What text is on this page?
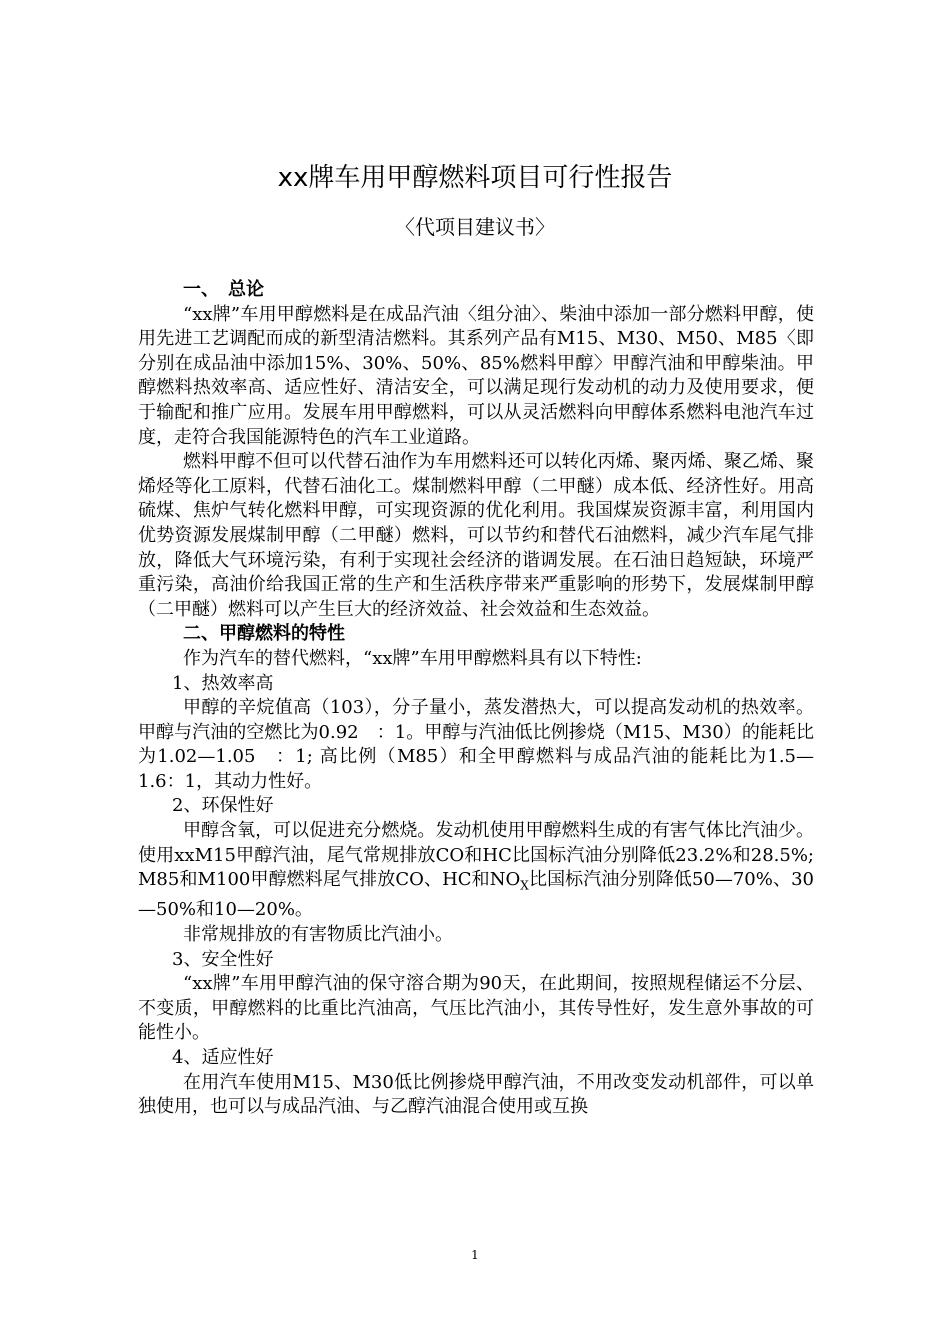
xx牌车用甲醇燃料项目可行性报告
〈代项目建议书〉

一、　总论

“xx牌”车用甲醇燃料是在成品汽油〈组分油〉、柴油中添加一部分燃料甲醇，使用先进工艺调配而成的新型清洁燃料。其系列产品有M15、M30、M50、M85〈即分别在成品油中添加15%、30%、50%、85%燃料甲醇〉甲醇汽油和甲醇柴油。甲醇燃料热效率高、适应性好、清洁安全，可以满足现行发动机的动力及使用要求，便于输配和推广应用。发展车用甲醇燃料，可以从灵活燃料向甲醇体系燃料电池汽车过度，走符合我国能源特色的汽车工业道路。

燃料甲醇不但可以代替石油作为车用燃料还可以转化丙烯、聚丙烯、聚乙烯、聚烯烃等化工原料，代替石油化工。煤制燃料甲醇（二甲醚）成本低、经济性好。用高硫煤、焦炉气转化燃料甲醇，可实现资源的优化利用。我国煤炭资源丰富，利用国内优势资源发展煤制甲醇（二甲醚）燃料，可以节约和替代石油燃料，减少汽车尾气排放，降低大气环境污染，有利于实现社会经济的谐调发展。在石油日趋短缺，环境严重污染，高油价给我国正常的生产和生活秩序带来严重影响的形势下，发展煤制甲醇（二甲醚）燃料可以产生巨大的经济效益、社会效益和生态效益。

二、甲醇燃料的特性

作为汽车的替代燃料，“xx牌”车用甲醇燃料具有以下特性:

1、热效率高

甲醇的辛烷值高（103），分子量小，蒸发潜热大，可以提高发动机的热效率。甲醇与汽油的空燃比为0.92　：1。甲醇与汽油低比例掺烧（M15、M30）的能耗比为1.02—1.05　：1; 高比例（M85）和全甲醇燃料与成品汽油的能耗比为1.5—1.6：1，其动力性好。

2、环保性好

甲醇含氧，可以促进充分燃烧。发动机使用甲醇燃料生成的有害气体比汽油少。使用xxM15甲醇汽油，尾气常规排放CO和HC比国标汽油分别降低23.2%和28.5%;　M85和M100甲醇燃料尾气排放CO、HC和$NO_X$比国标汽油分别降低50—70%、30—50%和10—20%。

非常规排放的有害物质比汽油小。

3、安全性好

“xx牌”车用甲醇汽油的保守溶合期为90天，在此期间，按照规程储运不分层、不变质，甲醇燃料的比重比汽油高，气压比汽油小，其传导性好，发生意外事故的可能性小。

4、适应性好

在用汽车使用M15、M30低比例掺烧甲醇汽油，不用改变发动机部件，可以单独使用，也可以与成品汽油、与乙醇汽油混合使用或互换

1
